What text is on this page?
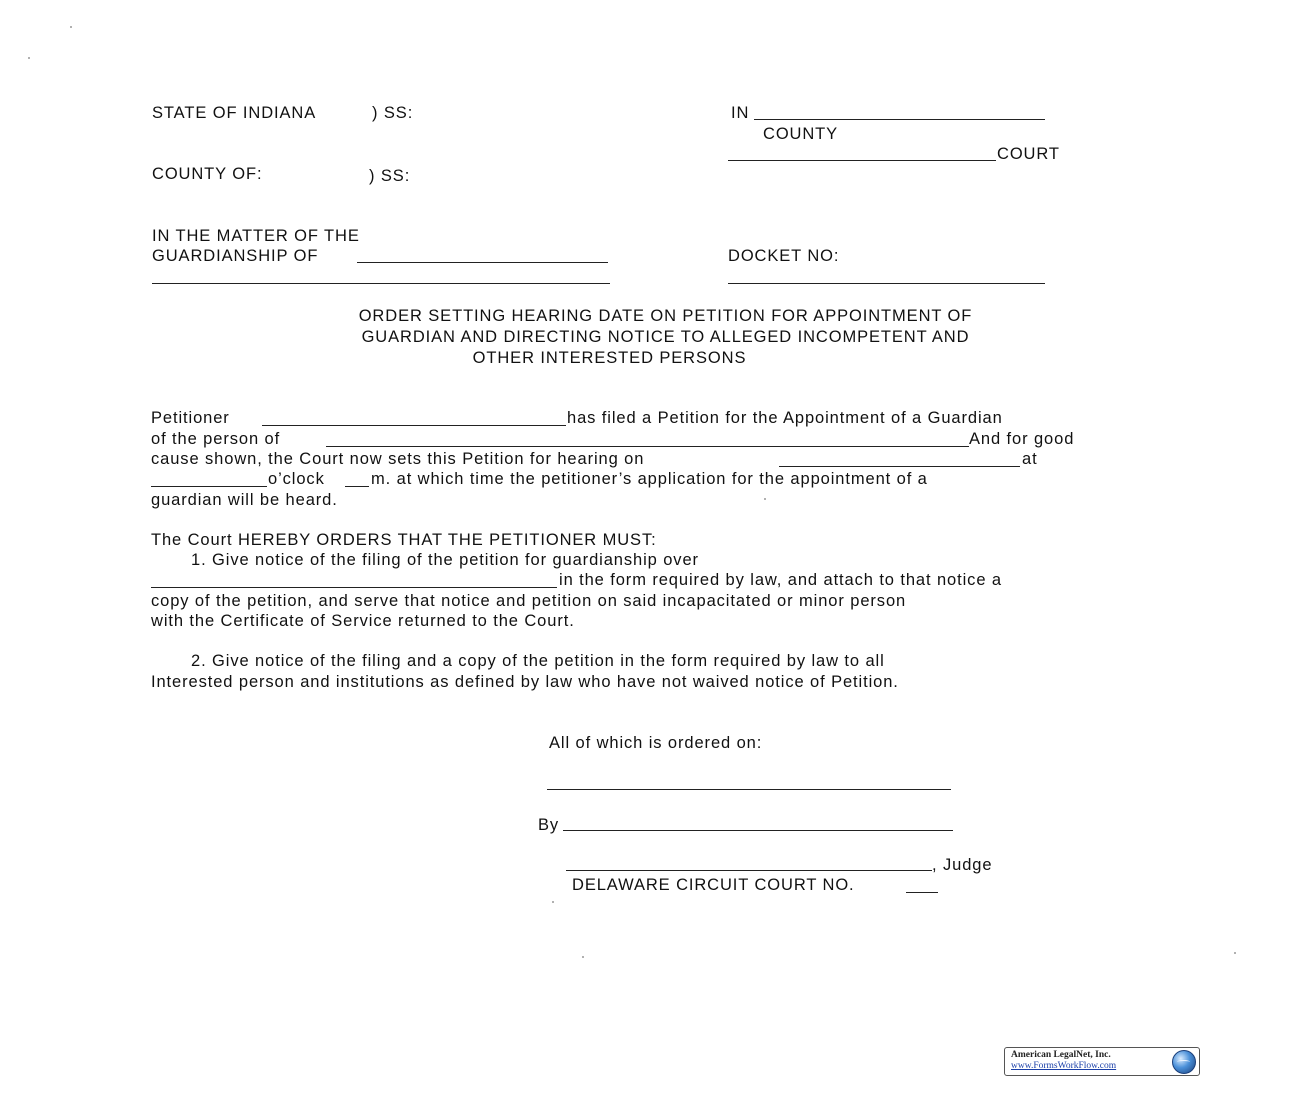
STATE OF INDIANA	) SS:
COUNTY OF:	) SS:
IN
COUNTY
COURT
IN THE MATTER OF THE
GUARDIANSHIP OF	DOCKET NO:
ORDER SETTING HEARING DATE ON PETITION FOR APPOINTMENT OF
GUARDIAN AND DIRECTING NOTICE TO ALLEGED INCOMPETENT AND
OTHER INTERESTED PERSONS
Petitioner	has filed a Petition for the Appointment of a Guardian
of the person of	And for good
cause shown, the Court now sets this Petition for hearing on	at
o’clock	m. at which time the petitioner’s application for the appointment of a
guardian will be heard.
The Court HEREBY ORDERS THAT THE PETITIONER MUST:
1. Give notice of the filing of the petition for guardianship over
in the form required by law, and attach to that notice a
copy of the petition, and serve that notice and petition on said incapacitated or minor person
with the Certificate of Service returned to the Court.
2. Give notice of the filing and a copy of the petition in the form required by law to all
Interested person and institutions as defined by law who have not waived notice of Petition.
All of which is ordered on:
By
, Judge
DELAWARE CIRCUIT COURT NO.
American LegalNet, Inc.
www.FormsWorkFlow.com
